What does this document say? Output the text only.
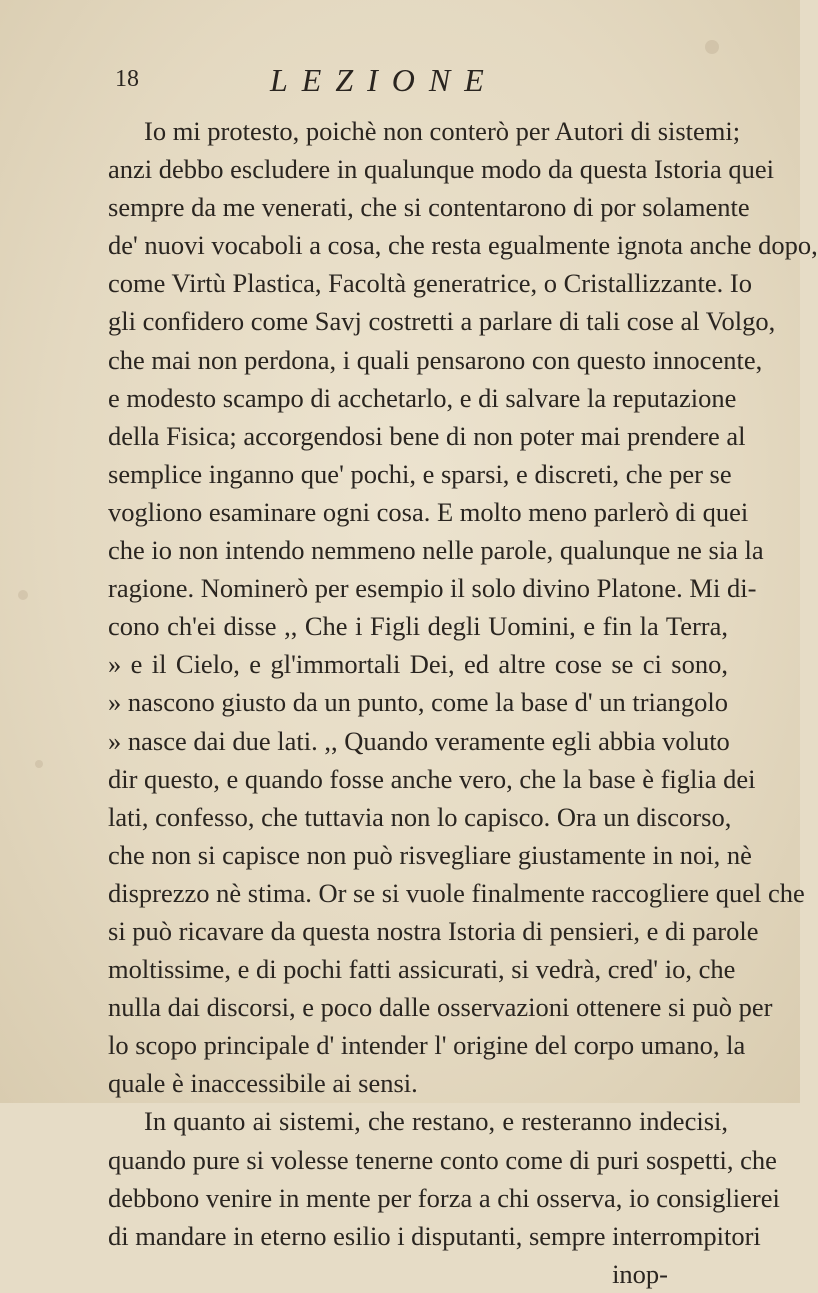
18	LEZIONE
Io mi protesto, poichè non conterò per Autori di sistemi;
anzi debbo escludere in qualunque modo da questa Istoria quei
sempre da me venerati, che si contentarono di por solamente
de' nuovi vocaboli a cosa, che resta egualmente ignota anche dopo,
come Virtù Plastica, Facoltà generatrice, o Cristallizzante. Io
gli confidero come Savj costretti a parlare di tali cose al Volgo,
che mai non perdona, i quali pensarono con questo innocente,
e modesto scampo di acchetarlo, e di salvare la reputazione
della Fisica; accorgendosi bene di non poter mai prendere al
semplice inganno que' pochi, e sparsi, e discreti, che per se
vogliono esaminare ogni cosa. E molto meno parlerò di quei
che io non intendo nemmeno nelle parole, qualunque ne sia la
ragione. Nominerò per esempio il solo divino Platone. Mi di-
cono ch'ei disse ,, Che i Figli degli Uomini, e fin la Terra,
» e il Cielo, e gl'immortali Dei, ed altre cose se ci sono,
» nascono giusto da un punto, come la base d' un triangolo
» nasce dai due lati. ,, Quando veramente egli abbia voluto
dir questo, e quando fosse anche vero, che la base è figlia dei
lati, confesso, che tuttavia non lo capisco. Ora un discorso,
che non si capisce non può risvegliare giustamente in noi, nè
disprezzo nè stima. Or se si vuole finalmente raccogliere quel che
si può ricavare da questa nostra Istoria di pensieri, e di parole
moltissime, e di pochi fatti assicurati, si vedrà, cred' io, che
nulla dai discorsi, e poco dalle osservazioni ottenere si può per
lo scopo principale d' intender l' origine del corpo umano, la
quale è inaccessibile ai sensi.
In quanto ai sistemi, che restano, e resteranno indecisi,
quando pure si volesse tenerne conto come di puri sospetti, che
debbono venire in mente per forza a chi osserva, io consiglierei
di mandare in eterno esilio i disputanti, sempre interrompitori
inop-
